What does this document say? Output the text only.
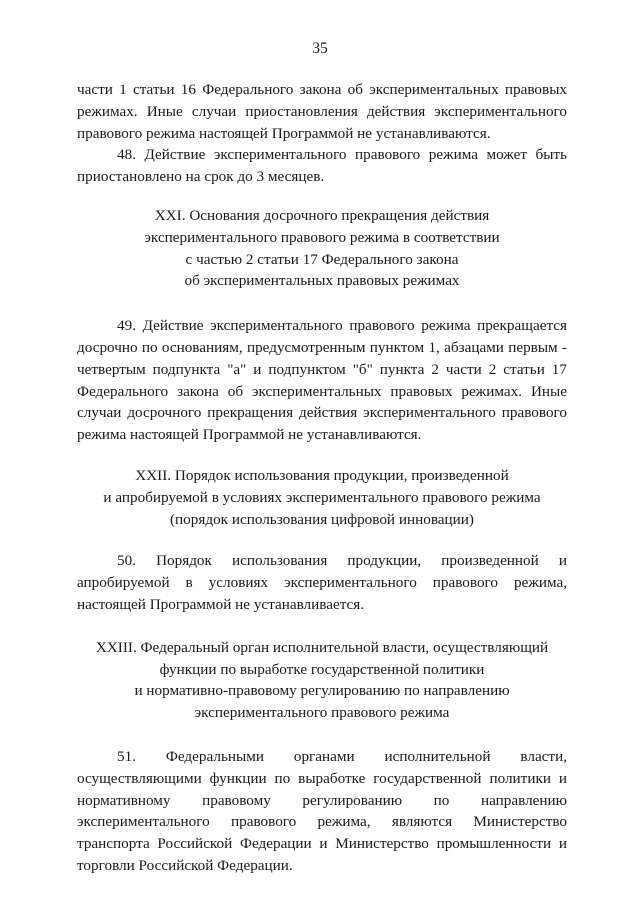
35

части 1 статьи 16 Федерального закона об экспериментальных правовых режимах. Иные случаи приостановления действия экспериментального правового режима настоящей Программой не устанавливаются.

48. Действие экспериментального правового режима может быть приостановлено на срок до 3 месяцев.

XXI. Основания досрочного прекращения действия
экспериментального правового режима в соответствии
с частью 2 статьи 17 Федерального закона
об экспериментальных правовых режимах

49. Действие экспериментального правового режима прекращается досрочно по основаниям, предусмотренным пунктом 1, абзацами первым - четвертым подпункта "а" и подпунктом "б" пункта 2 части 2 статьи 17 Федерального закона об экспериментальных правовых режимах. Иные случаи досрочного прекращения действия экспериментального правового режима настоящей Программой не устанавливаются.

XXII. Порядок использования продукции, произведенной
и апробируемой в условиях экспериментального правового режима
(порядок использования цифровой инновации)

50. Порядок использования продукции, произведенной и апробируемой в условиях экспериментального правового режима, настоящей Программой не устанавливается.

XXIII. Федеральный орган исполнительной власти, осуществляющий
функции по выработке государственной политики
и нормативно-правовому регулированию по направлению
экспериментального правового режима

51. Федеральными органами исполнительной власти, осуществляющими функции по выработке государственной политики и нормативному правовому регулированию по направлению экспериментального правового режима, являются Министерство транспорта Российской Федерации и Министерство промышленности и торговли Российской Федерации.
